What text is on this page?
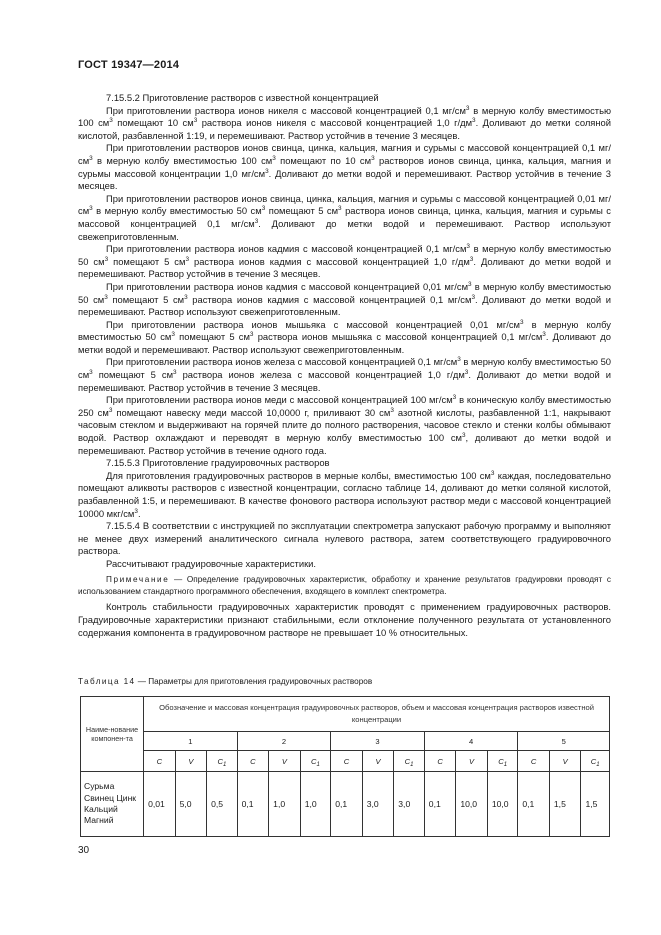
ГОСТ 19347—2014

7.15.5.2 Приготовление растворов с известной концентрацией

При приготовлении раствора ионов никеля с массовой концентрацией 0,1 $мг/см^3$ в мерную колбу вместимостью 100 $см^3$ помещают 10 $см^3$ раствора ионов никеля с массовой концентрацией 1,0 $г/дм^3$. Доливают до метки соляной кислотой, разбавленной 1:19, и перемешивают. Раствор устойчив в течение 3 месяцев.

При приготовлении растворов ионов свинца, цинка, кальция, магния и сурьмы с массовой концентрацией 0,1 $мг/см^3$ в мерную колбу вместимостью 100 $см^3$ помещают по 10 $см^3$ растворов ионов свинца, цинка, кальция, магния и сурьмы массовой концентрации 1,0 $мг/см^3$. Доливают до метки водой и перемешивают. Раствор устойчив в течение 3 месяцев.

При приготовлении растворов ионов свинца, цинка, кальция, магния и сурьмы с массовой концентрацией 0,01 $мг/см^3$ в мерную колбу вместимостью 50 $см^3$ помещают 5 $см^3$ раствора ионов свинца, цинка, кальция, магния и сурьмы с массовой концентрацией 0,1 $мг/см^3$. Доливают до метки водой и перемешивают. Раствор используют свежеприготовленным.

При приготовлении раствора ионов кадмия с массовой концентрацией 0,1 $мг/см^3$ в мерную колбу вместимостью 50 $см^3$ помещают 5 $см^3$ раствора ионов кадмия с массовой концентрацией 1,0 $г/дм^3$. Доливают до метки водой и перемешивают. Раствор устойчив в течение 3 месяцев.

При приготовлении раствора ионов кадмия с массовой концентрацией 0,01 $мг/см^3$ в мерную колбу вместимостью 50 $см^3$ помещают 5 $см^3$ раствора ионов кадмия с массовой концентрацией 0,1 $мг/см^3$. Доливают до метки водой и перемешивают. Раствор используют свежеприготовленным.

При приготовлении раствора ионов мышьяка с массовой концентрацией 0,01 $мг/см^3$ в мерную колбу вместимостью 50 $см^3$ помещают 5 $см^3$ раствора ионов мышьяка с массовой концентрацией 0,1 $мг/см^3$. Доливают до метки водой и перемешивают. Раствор используют свежеприготовленным.

При приготовлении раствора ионов железа с массовой концентрацией 0,1 $мг/см^3$ в мерную колбу вместимостью 50 $см^3$ помещают 5 $см^3$ раствора ионов железа с массовой концентрацией 1,0 $г/дм^3$. Доливают до метки водой и перемешивают. Раствор устойчив в течение 3 месяцев.

При приготовлении раствора ионов меди с массовой концентрацией 100 $мг/см^3$ в коническую колбу вместимостью 250 $см^3$ помещают навеску меди массой 10,0000 г, приливают 30 $см^3$ азотной кислоты, разбавленной 1:1, накрывают часовым стеклом и выдерживают на горячей плите до полного растворения, часовое стекло и стенки колбы обмывают водой. Раствор охлаждают и переводят в мерную колбу вместимостью 100 $см^3$, доливают до метки водой и перемешивают. Раствор устойчив в течение одного года.

7.15.5.3 Приготовление градуировочных растворов

Для приготовления градуировочных растворов в мерные колбы, вместимостью 100 $см^3$ каждая, последовательно помещают аликвоты растворов с известной концентрации, согласно таблице 14, доливают до метки соляной кислотой, разбавленной 1:5, и перемешивают. В качестве фонового раствора используют раствор меди с массовой концентрацией 10000 мкг/$см^3$.

7.15.5.4 В соответствии с инструкцией по эксплуатации спектрометра запускают рабочую программу и выполняют не менее двух измерений аналитического сигнала нулевого раствора, затем соответствующего градуировочного раствора.

Рассчитывают градуировочные характеристики.

Примечание — Определение градуировочных характеристик, обработку и хранение результатов градуировки проводят с использованием стандартного программного обеспечения, входящего в комплект спектрометра.

Контроль стабильности градуировочных характеристик проводят с применением градуировочных растворов. Градуировочные характеристики признают стабильными, если отклонение полученного результата от установленного содержания компонента в градуировочном растворе не превышает 10 % относительных.

Таблица 14 — Параметры для приготовления градуировочных растворов
Наиме-нование компонен-та	Обозначение и массовая концентрация градуировочных растворов, объем и массовая концентрация растворов известной концентрации														
	1			2			3			4			5		
	С	V	$С_1$	С	V	$С_1$	С	V	$С_1$	С	V	$С_1$	С	V	$С_1$
Сурьма Свинец Цинк Кальций Магний	0,01	5,0	0,5	0,1	1,0	1,0	0,1	3,0	3,0	0,1	10,0	10,0	0,1	1,5	1,5
30
